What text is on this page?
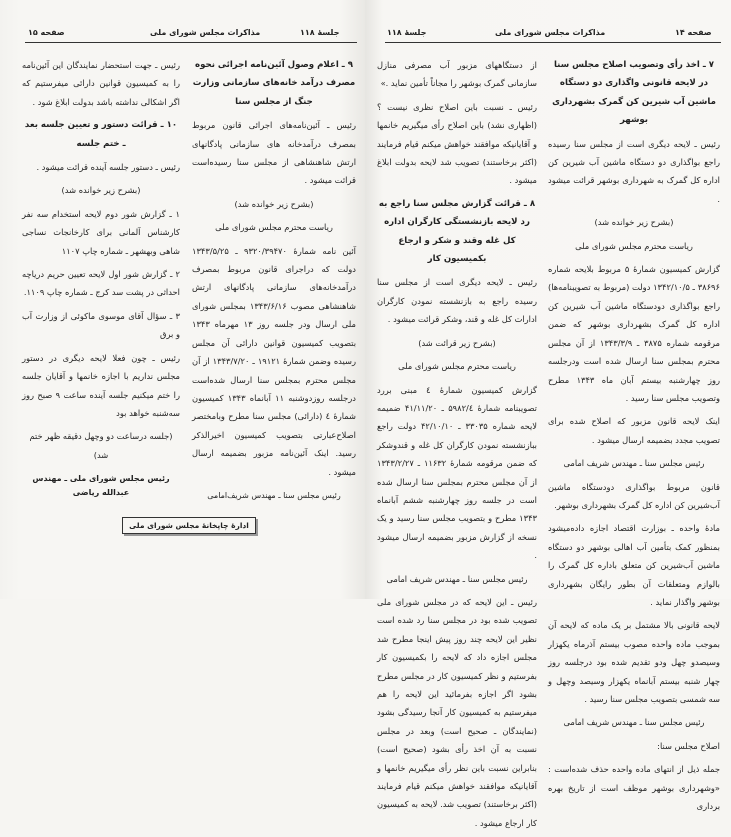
صفحه ۱۵	مذاکرات مجلس شورای ملی	جلسهٔ ۱۱۸

۹ ـ اعلام وصول آئین‌نامه اجرائی نحوه مصرف درآمد خانه‌های سازمانی وزارت جنگ از مجلس سنا

رئیس ـ آئین‌نامه‌های اجرائی قانون مربوط بمصرف درآمدخانه های سازمانی پادگانهای ارتش شاهنشاهی از مجلس سنا رسیده‌است قرائت میشود .

(بشرح زیر خوانده شد)

ریاست محترم مجلس شورای ملی

آئین نامه شمارهٔ ۹۳۲۰/۳۹۴۷۰ ـ ۱۳۴۳/۵/۲۵ دولت که دراجرای قانون مربوط بمصرف درآمدخانه‌های سازمانی پادگانهای ارتش شاهنشاهی مصوب ۱۳۴۳/۶/۱۶ بمجلس شورای ملی ارسال ودر جلسه روز ۱۳ مهرماه ۱۳۴۳ بتصویب کمیسیون قوانین دارائی آن مجلس رسیده وضمن شمارهٔ ۱۹۱۲۱ ـ ۱۳۴۳/۷/۲۰ از آن مجلس محترم بمجلس سنا ارسال شده‌است درجلسه روزدوشنبه ۱۱ آبانماه ۱۳۴۳ کمیسیون شمارهٔ ٤ (دارائی) مجلس سنا مطرح وبامختصر اصلاح‌عبارتی بتصویب کمیسیون اخیرالذکر رسید. اینک آئین‌نامه مزبور بضمیمه ارسال میشود .

رئیس مجلس سنا ـ مهندس شریف‌امامی

رئیس ـ جهت استحضار نمایندگان این آئین‌نامه را به کمیسیون قوانین دارائی میفرستیم که اگر اشکالی نداشته باشد بدولت ابلاغ شود .

۱۰ ـ قرائت دستور و تعیین جلسه بعد ـ ختم جلسه

رئیس ـ دستور جلسه آینده قرائت میشود .

(بشرح زیر خوانده شد)

۱ ـ گزارش شور دوم لایحه استخدام سه نفر کارشناس آلمانی برای کارخانجات نساجی شاهی وبهشهر ـ شماره چاپ ۱۱۰۷

۲ ـ گزارش شور اول لایحه تعیین حریم دریاچه احداثی در پشت سد کرج ـ شماره چاپ ۱۱۰۹.

۳ ـ سؤال آقای موسوی ماکوئی از وزارت آب و برق

رئیس ـ چون فعلا لایحه دیگری در دستور مجلس نداریم با اجازه خانمها و آقایان جلسه را ختم میکنیم جلسه آینده ساعت ۹ صبح روز سه‌شنبه خواهد بود

(جلسه درساعت دو وچهل دقیقه ظهر ختم شد)

رئیس مجلس شورای ملی ـ مهندس عبدالله ریاضی
ادارهٔ چاپخانهٔ مجلس شورای ملی
جلسهٔ ۱۱۸	مذاکرات مجلس شورای ملی	صفحه ۱۴

۷ ـ اخذ رأی وتصویب اصلاح مجلس سنا در لایحه قانونی واگذاری دو دستگاه ماشین آب شیرین کن گمرک بشهرداری بوشهر

رئیس ـ لایحه دیگری است از مجلس سنا رسیده راجع بواگذاری دو دستگاه ماشین آب شیرین کن اداره کل گمرک به شهرداری بوشهر قرائت میشود .

(بشرح زیر خوانده شد)

ریاست محترم مجلس شورای ملی

گزارش کمیسیون شمارهٔ ۵ مربوط بلایحه شماره ۳۸۶۹۶ ـ ۱۳۴۲/۱۰/۵ دولت (مربوط به تصویبنامه‌ها) راجع بواگذاری دودستگاه ماشین آب شیرین کن اداره کل گمرک بشهرداری بوشهر که ضمن مرقومه شماره ۳۸۷۵ ـ ۱۳۴۳/۳/۹ از آن مجلس محترم بمجلس سنا ارسال شده است ودرجلسه روز چهارشنبه بیستم آبان ماه ۱۳۴۳ مطرح وتصویب مجلس سنا رسید .

اینک لایحه قانون مزبور که اصلاح شده برای تصویب مجدد بضمیمه ارسال میشود .

رئیس مجلس سنا ـ مهندس شریف امامی

قانون مربوط بواگذاری دودستگاه ماشین آب‌شیرین کن اداره کل گمرک بشهرداری بوشهر.

مادهٔ واحده ـ بوزارت اقتصاد اجازه داده‌میشود بمنظور کمک بتأمین آب اهالی بوشهر دو دستگاه ماشین آب‌شیرین کن متعلق باداره کل گمرک را بالوازم ومتعلقات آن بطور رایگان بشهرداری بوشهر واگذار نماید .

لایحه قانونی بالا مشتمل بر یک ماده که لایحه آن بموجب ماده واحده مصوب بیستم آذرماه یکهزار وسیصدو چهل ودو تقدیم شده بود درجلسه روز چهار شنبه بیستم آبانماه یکهزار وسیصد وچهل و سه شمسی بتصویب مجلس سنا رسید .

رئیس مجلس سنا ـ مهندس شریف امامی

اصلاح مجلس سنا:

جمله ذیل از انتهای ماده واحده حذف شده‌است : «وشهرداری بوشهر موظف است از تاریخ بهره برداری

از دستگاههای مزبور آب مصرفی منازل سازمانی گمرک بوشهر را مجاناً تأمین نماید .»

رئیس ـ نسبت باین اصلاح نظری نیست ؟ (اظهاری نشد) باین اصلاح رأی میگیریم خانمها و آقایانیکه موافقند خواهش میکنم قیام فرمایند (اکثر برخاستند) تصویب شد لایحه بدولت ابلاغ میشود .

۸ ـ قرائت گزارش مجلس سنا راجع به رد لایحه بازنشستگی کارگران اداره کل غله وقند و شکر و ارجاع بکمیسیون کار

رئیس ـ لایحه دیگری است از مجلس سنا رسیده راجع به بازنشسته نمودن کارگران ادارات کل غله و قند، وشکر قرائت میشود .

(بشرح زیر قرائت شد)

ریاست محترم مجلس شورای ملی

گزارش کمیسیون شمارهٔ ٤ مبنی بررد تصویبنامه شمارهٔ ۵۹۸۲/٤ ـ ۴۱/۱۱/۲۰ ضمیمه لایحه شماره ۳۳۰۳۵ ـ ۴۲/۱۰/۱۰ دولت راجع ببازنشسته نمودن کارگران کل غله و قندوشکر که ضمن مرقومه شمارهٔ ۱۱۶۳۲ ـ ۱۳۴۳/۲/۲۷ از آن مجلس محترم بمجلس سنا ارسال شده است در جلسه روز چهارشنبه ششم آبانماه ۱۳۴۳ مطرح و بتصویب مجلس سنا رسید و یک نسخه از گزارش مزبور بضمیمه ارسال میشود .

رئیس مجلس سنا ـ مهندس شریف امامی

رئیس ـ این لایحه که در مجلس شورای ملی تصویب شده بود در مجلس سنا رد شده است نظیر این لایحه چند روز پیش اینجا مطرح شد مجلس اجازه داد که لایحه را بکمیسیون کار بفرستیم و نظر کمیسیون کار در مجلس مطرح بشود اگر اجازه بفرمائید این لایحه را هم میفرستیم به کمیسیون کار آنجا رسیدگی بشود (نمایندگان ـ صحیح است) وبعد در مجلس نسبت به آن اخذ رأی بشود (صحیح است) بنابراین نسبت باین نظر رأی میگیریم خانمها و آقایانیکه موافقند خواهش میکنم قیام فرمایند (اکثر برخاستند) تصویب شد. لایحه به کمیسیون کار ارجاع میشود .
